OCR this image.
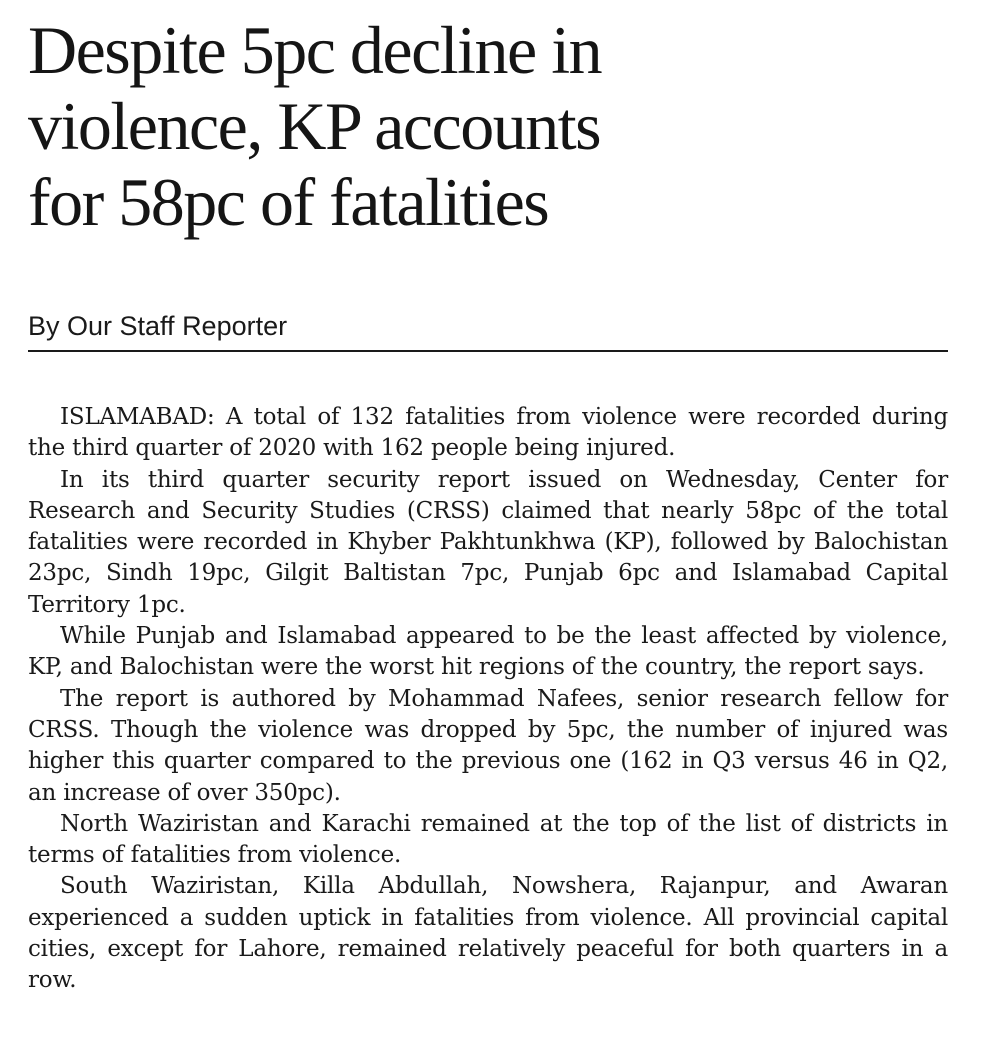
Despite 5pc decline in
violence, KP accounts
for 58pc of fatalities
By Our Staff Reporter

ISLAMABAD: A total of 132 fatalities from violence were recorded during the third quarter of 2020 with 162 people being injured.

In its third quarter security report issued on Wednesday, Center for Research and Security Studies (CRSS) claimed that nearly 58pc of the total fatalities were recorded in Khyber Pakhtunkhwa (KP), followed by Balochistan 23pc, Sindh 19pc, Gilgit Baltistan 7pc, Punjab 6pc and Islamabad Capital Territory 1pc.

While Punjab and Islamabad appeared to be the least affected by violence, KP, and Balochistan were the worst hit regions of the country, the report says.

The report is authored by Mohammad Nafees, senior research fellow for CRSS. Though the violence was dropped by 5pc, the number of injured was higher this quarter compared to the previous one (162 in Q3 versus 46 in Q2, an increase of over 350pc).

North Waziristan and Karachi remained at the top of the list of districts in terms of fatalities from violence.

South Waziristan, Killa Abdullah, Nowshera, Rajanpur, and Awaran experienced a sudden uptick in fatalities from violence. All provincial capital cities, except for Lahore, remained relatively peaceful for both quarters in a row.
